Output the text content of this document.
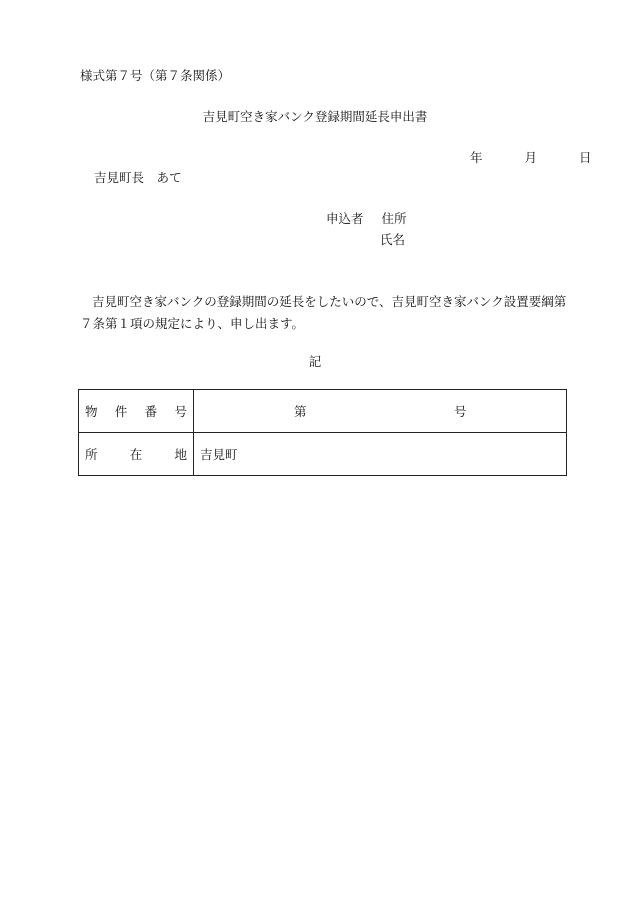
様式第７号（第７条関係）
吉見町空き家バンク登録期間延長申出書
年	月	日
吉見町長　あて
申込者 住所
氏名
吉見町空き家バンクの登録期間の延長をしたいので、吉見町空き家バンク設置要綱第７条第１項の規定により、申し出ます。
記
物 件 番 号	第 号

所 在 地	吉見町
